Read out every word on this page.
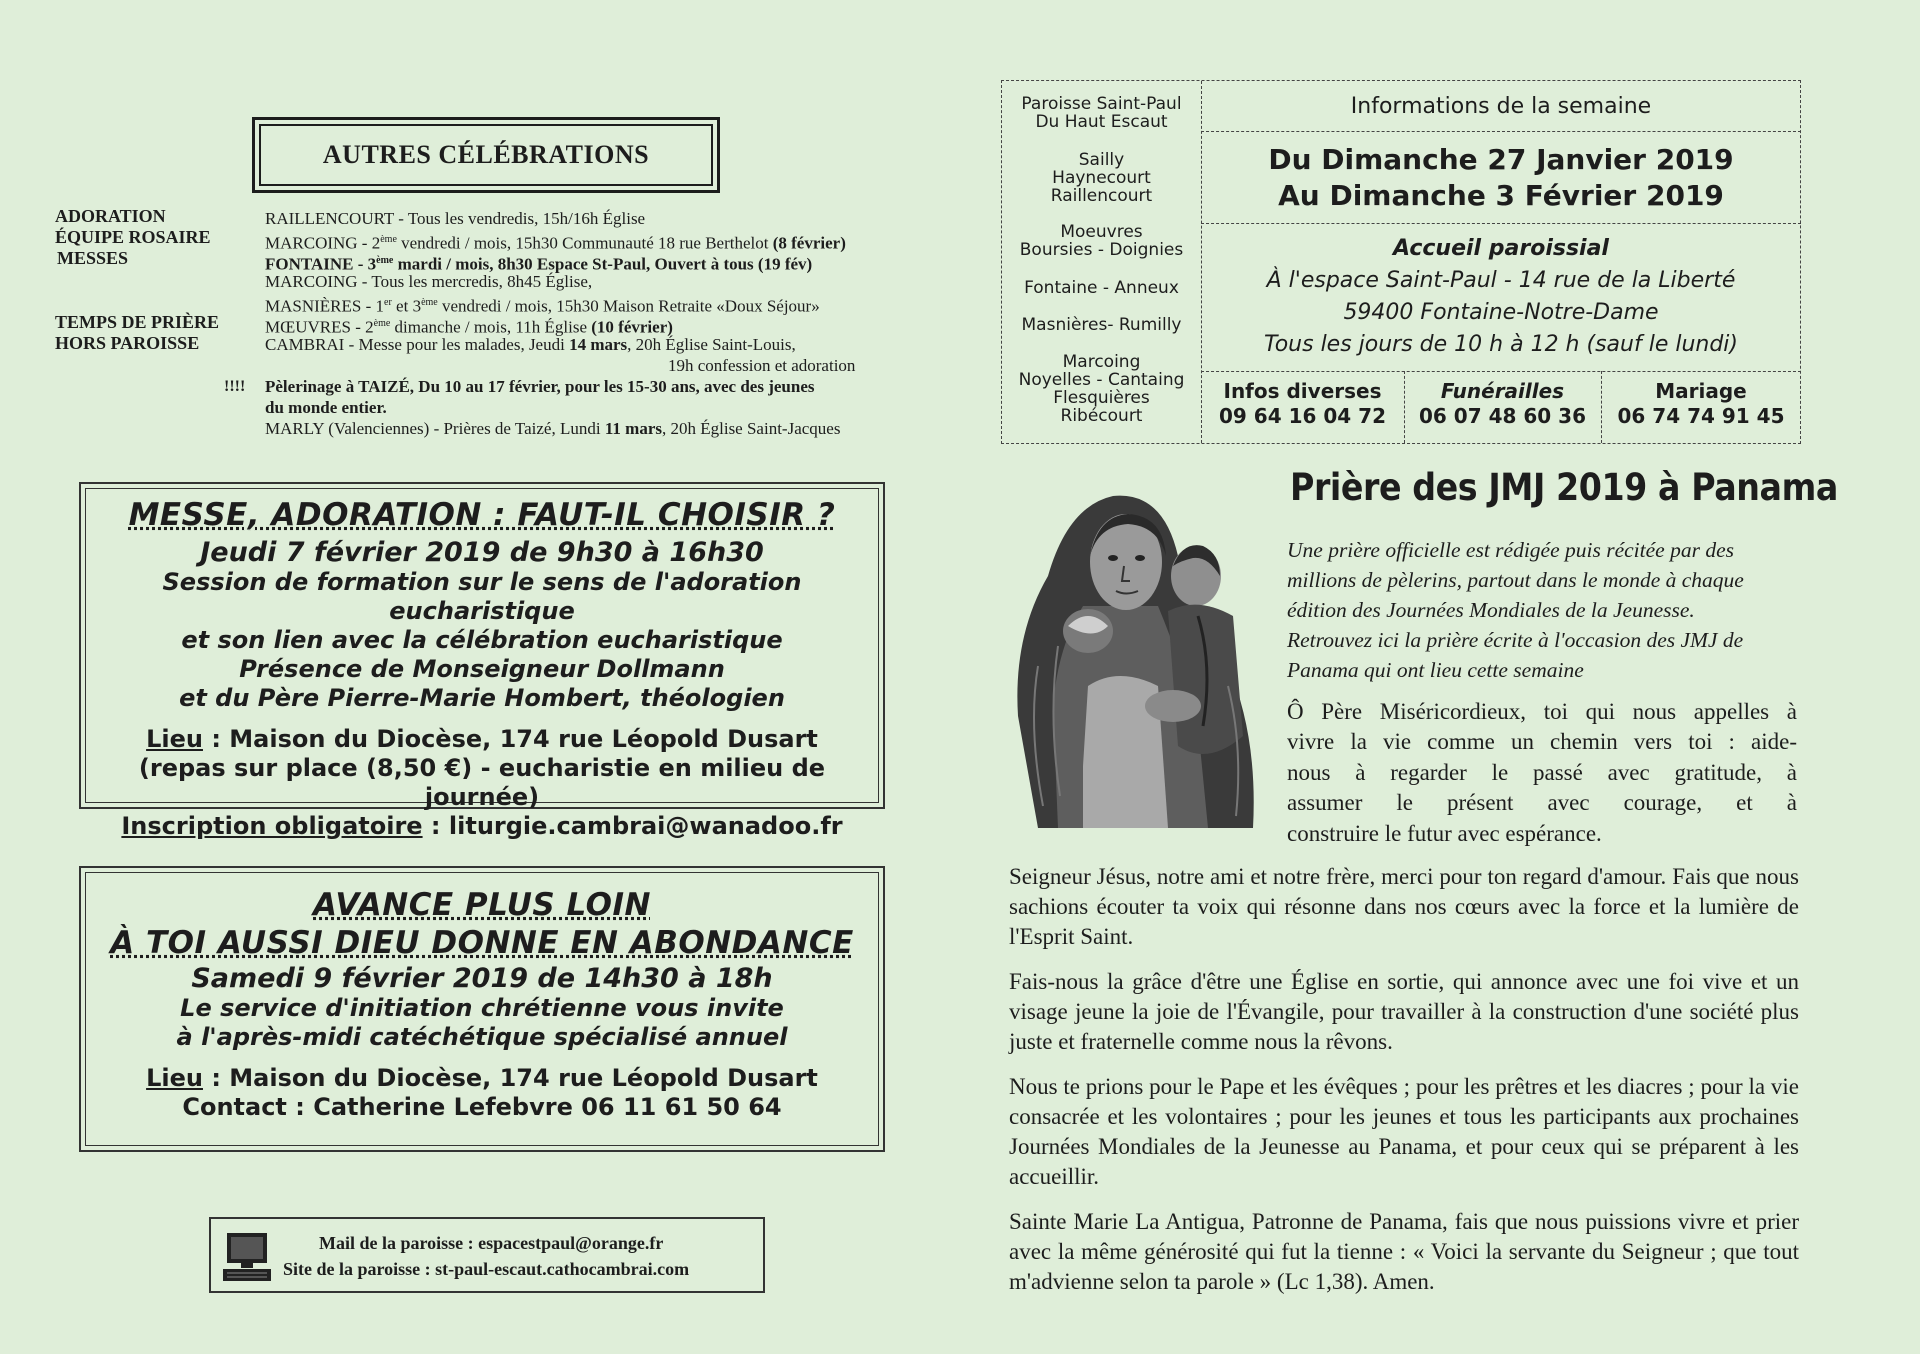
AUTRES CÉLÉBRATIONS
ADORATION
ÉQUIPE ROSAIRE
MESSES
TEMPS DE PRIÈRE
HORS PAROISSE
!!!!
RAILLENCOURT - Tous les vendredis, 15h/16h Église
MARCOING - 2ème vendredi / mois, 15h30 Communauté 18 rue Berthelot (8 février)
FONTAINE - 3ème mardi / mois, 8h30 Espace St-Paul, Ouvert à tous (19 fév)
MARCOING - Tous les mercredis, 8h45 Église,
MASNIÈRES - 1er et 3ème vendredi / mois, 15h30 Maison Retraite «Doux Séjour»
MŒUVRES - 2ème dimanche / mois, 11h Église (10 février)
CAMBRAI - Messe pour les malades, Jeudi 14 mars, 20h Église Saint-Louis,
19h confession et adoration
Pèlerinage à TAIZÉ, Du 10 au 17 février, pour les 15-30 ans, avec des jeunes
du monde entier.
MARLY (Valenciennes) - Prières de Taizé, Lundi 11 mars, 20h Église Saint-Jacques
MESSE, ADORATION : FAUT-IL CHOISIR ?
Jeudi 7 février 2019 de 9h30 à 16h30
Session de formation sur le sens de l'adoration eucharistique
et son lien avec la célébration eucharistique
Présence de Monseigneur Dollmann
et du Père Pierre-Marie Hombert, théologien
Lieu : Maison du Diocèse, 174 rue Léopold Dusart
(repas sur place (8,50 €) - eucharistie en milieu de journée)
Inscription obligatoire : liturgie.cambrai@wanadoo.fr
AVANCE PLUS LOIN
À TOI AUSSI DIEU DONNE EN ABONDANCE
Samedi 9 février 2019 de 14h30 à 18h
Le service d'initiation chrétienne vous invite
à l'après-midi catéchétique spécialisé annuel
Lieu : Maison du Diocèse, 174 rue Léopold Dusart
Contact : Catherine Lefebvre 06 11 61 50 64
Mail de la paroisse : espacestpaul@orange.fr
Site de la paroisse : st-paul-escaut.cathocambrai.com
Paroisse Saint-Paul
Du Haut Escaut
Sailly
Haynecourt
Raillencourt
Moeuvres
Boursies - Doignies
Fontaine - Anneux
Masnières- Rumilly
Marcoing
Noyelles - Cantaing
Flesquières
Ribécourt
Informations de la semaine
Du Dimanche 27 Janvier 2019
Au Dimanche 3 Février 2019
Accueil paroissial
À l'espace Saint-Paul - 14 rue de la Liberté
59400 Fontaine-Notre-Dame
Tous les jours de 10 h à 12 h (sauf le lundi)
Infos diverses
09 64 16 04 72
Funérailles
06 07 48 60 36
Mariage
06 74 74 91 45
Prière des JMJ 2019 à Panama
Une prière officielle est rédigée puis récitée par des
millions de pèlerins, partout dans le monde à chaque
édition des Journées Mondiales de la Jeunesse.
Retrouvez ici la prière écrite à l'occasion des JMJ de
Panama qui ont lieu cette semaine
Ô Père Miséricordieux, toi qui nous appelles à
vivre la vie comme un chemin vers toi : aide-
nous à regarder le passé avec gratitude, à
assumer le présent avec courage, et à
construire le futur avec espérance.
Seigneur Jésus, notre ami et notre frère, merci pour ton regard d'amour. Fais que nous sachions écouter ta voix qui résonne dans nos cœurs avec la force et la lumière de l'Esprit Saint.
Fais-nous la grâce d'être une Église en sortie, qui annonce avec une foi vive et un visage jeune la joie de l'Évangile, pour travailler à la construction d'une société plus juste et fraternelle comme nous la rêvons.
Nous te prions pour le Pape et les évêques ; pour les prêtres et les diacres ; pour la vie consacrée et les volontaires ; pour les jeunes et tous les participants aux prochaines Journées Mondiales de la Jeunesse au Panama, et pour ceux qui se préparent à les accueillir.
Sainte Marie La Antigua, Patronne de Panama, fais que nous puissions vivre et prier avec la même générosité qui fut la tienne : « Voici la servante du Seigneur ; que tout m'advienne selon ta parole » (Lc 1,38). Amen.
